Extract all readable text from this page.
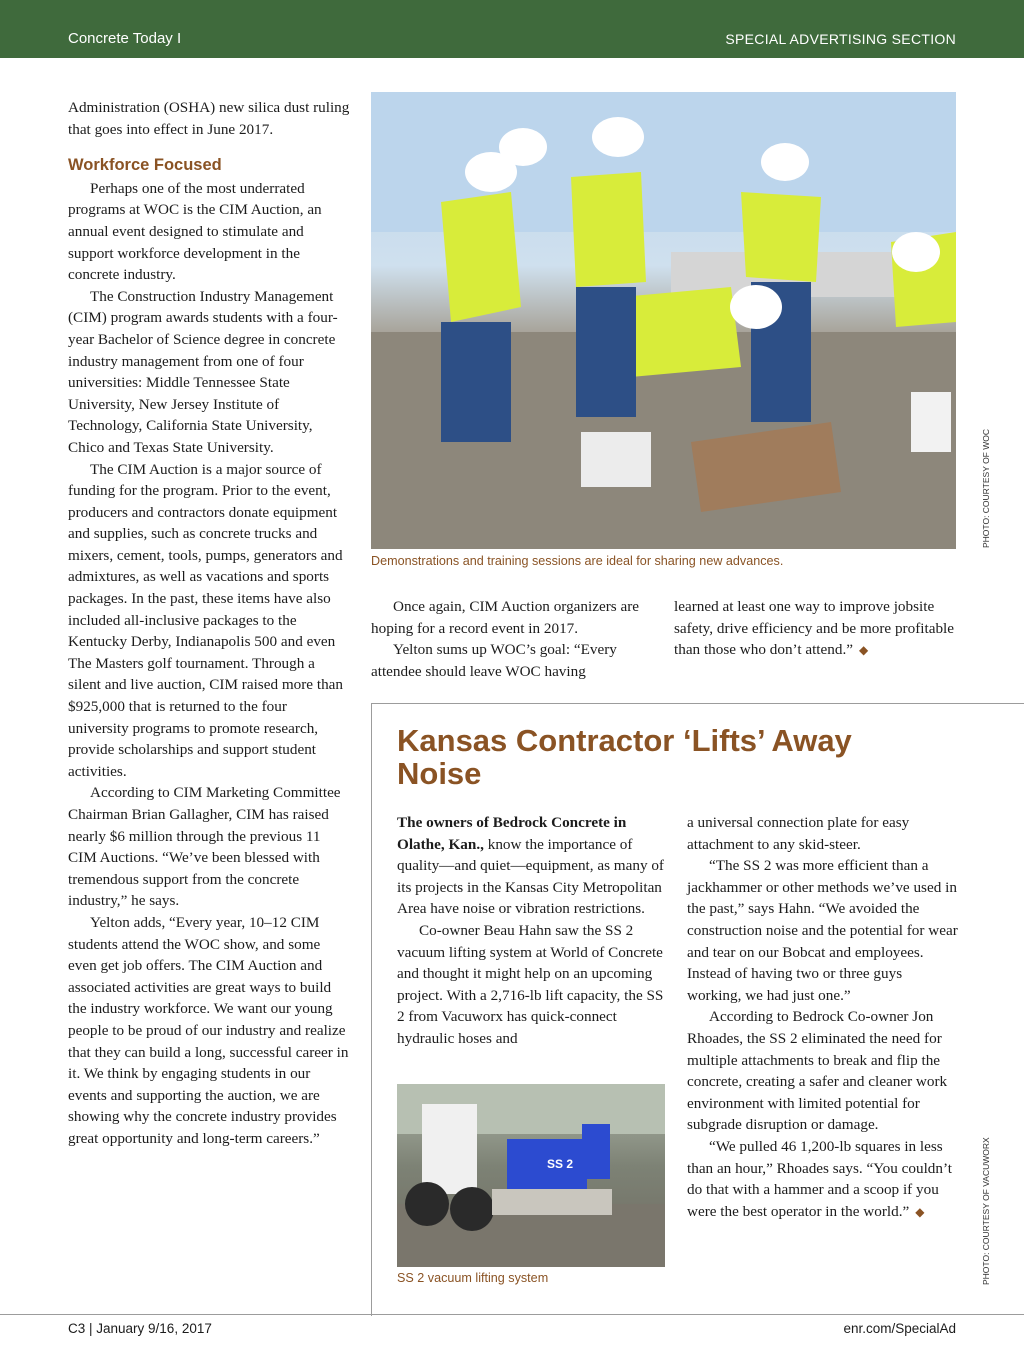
Concrete Today I	SPECIAL ADVERTISING SECTION

Administration (OSHA) new silica dust ruling that goes into effect in June 2017.

Workforce Focused

Perhaps one of the most underrated programs at WOC is the CIM Auction, an annual event designed to stimulate and support workforce development in the concrete industry.

The Construction Industry Management (CIM) program awards students with a four-year Bachelor of Science degree in concrete industry management from one of four universities: Middle Tennessee State University, New Jersey Institute of Technology, California State University, Chico and Texas State University.

The CIM Auction is a major source of funding for the program. Prior to the event, producers and contractors donate equipment and supplies, such as concrete trucks and mixers, cement, tools, pumps, generators and admixtures, as well as vacations and sports packages. In the past, these items have also included all-inclusive packages to the Kentucky Derby, Indianapolis 500 and even The Masters golf tournament. Through a silent and live auction, CIM raised more than $925,000 that is returned to the four university programs to promote research, provide scholarships and support student activities.

According to CIM Marketing Committee Chairman Brian Gallagher, CIM has raised nearly $6 million through the previous 11 CIM Auctions. “We’ve been blessed with tremendous support from the concrete industry,” he says.

Yelton adds, “Every year, 10–12 CIM students attend the WOC show, and some even get job offers. The CIM Auction and associated activities are great ways to build the industry workforce. We want our young people to be proud of our industry and realize that they can build a long, successful career in it. We think by engaging students in our events and supporting the auction, we are showing why the concrete industry provides great opportunity and long-term careers.”

Demonstrations and training sessions are ideal for sharing new advances.
PHOTO: COURTESY OF WOC

Once again, CIM Auction organizers are hoping for a record event in 2017.

Yelton sums up WOC’s goal: “Every attendee should leave WOC having

learned at least one way to improve jobsite safety, drive efficiency and be more profitable than those who don’t attend.” ◆

Kansas Contractor ‘Lifts’ Away Noise

The owners of Bedrock Concrete in Olathe, Kan., know the importance of quality—and quiet—equipment, as many of its projects in the Kansas City Metropolitan Area have noise or vibration restrictions.

Co-owner Beau Hahn saw the SS 2 vacuum lifting system at World of Concrete and thought it might help on an upcoming project. With a 2,716-lb lift capacity, the SS 2 from Vacuworx has quick-connect hydraulic hoses and

SS 2
SS 2 vacuum lifting system

a universal connection plate for easy attachment to any skid-steer.

“The SS 2 was more efficient than a jackhammer or other methods we’ve used in the past,” says Hahn. “We avoided the construction noise and the potential for wear and tear on our Bobcat and employees. Instead of having two or three guys working, we had just one.”

According to Bedrock Co-owner Jon Rhoades, the SS 2 eliminated the need for multiple attachments to break and flip the concrete, creating a safer and cleaner work environment with limited potential for subgrade disruption or damage.

“We pulled 46 1,200-lb squares in less than an hour,” Rhoades says. “You couldn’t do that with a hammer and a scoop if you were the best operator in the world.” ◆	PHOTO: COURTESY OF VACUWORX
C3 | January 9/16, 2017	enr.com/SpecialAd
